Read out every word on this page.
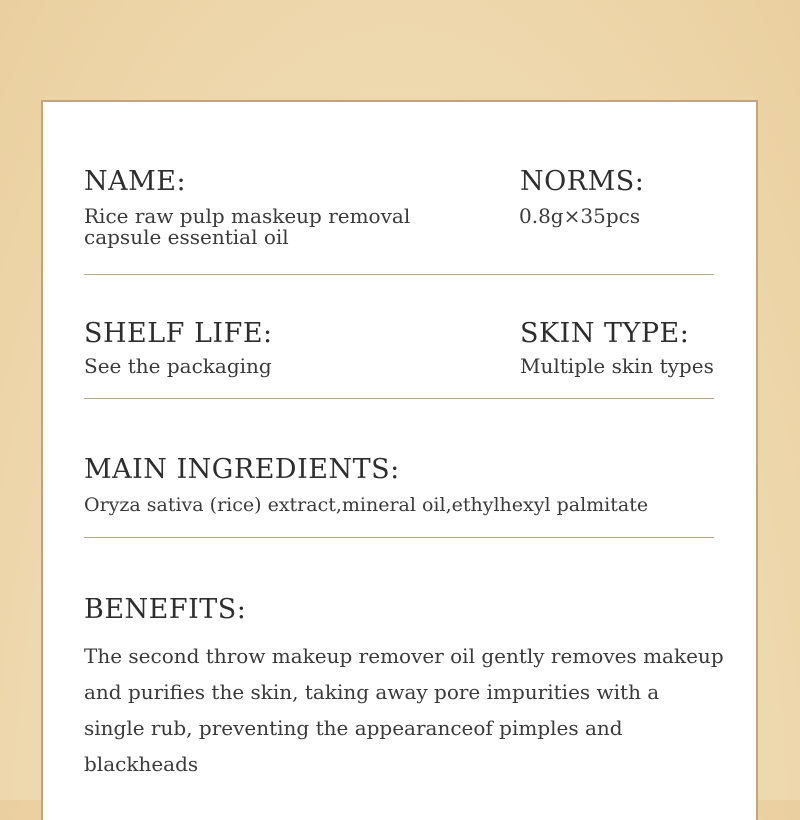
NAME:
Rice raw pulp maskeup removal
capsule essential oil
NORMS:
0.8g×35pcs
SHELF LIFE:
See the packaging
SKIN TYPE:
Multiple skin types
MAIN INGREDIENTS:
Oryza sativa (rice) extract,mineral oil,ethylhexyl palmitate
BENEFITS:
The second throw makeup remover oil gently removes makeup and purifies the skin, taking away pore impurities with a single rub, preventing the appearanceof pimples and blackheads
